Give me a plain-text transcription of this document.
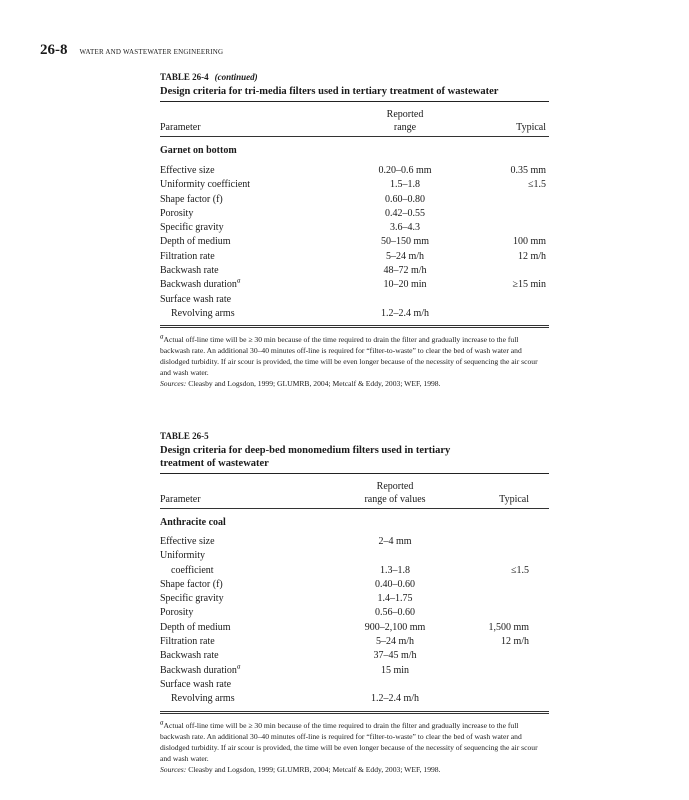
26-8 WATER AND WASTEWATER ENGINEERING
TABLE 26-4 (continued)
Design criteria for tri-media filters used in tertiary treatment of wastewater
Parameter
Reported
range	Typical
Garnet on bottom
Effective size	0.20–0.6 mm	0.35 mm
Uniformity coefficient	1.5–1.8	≤1.5
Shape factor (f)	0.60–0.80
Porosity	0.42–0.55
Specific gravity	3.6–4.3
Depth of medium	50–150 mm	100 mm
Filtration rate	5–24 m/h	12 m/h
Backwash rate	48–72 m/h
Backwash duration$^a$	10–20 min	≥15 min
Surface wash rate
Revolving arms	1.2–2.4 m/h
$^a$Actual off-line time will be ≥ 30 min because of the time required to drain the filter and gradually increase to the full backwash rate. An additional 30–40 minutes off-line is required for “filter-to-waste” to clear the bed of wash water and dislodged turbidity. If air scour is provided, the time will be even longer because of the necessity of sequencing the air scour and wash water.
Sources: Cleasby and Logsdon, 1999; GLUMRB, 2004; Metcalf & Eddy, 2003; WEF, 1998.
TABLE 26-5
Design criteria for deep-bed monomedium filters used in tertiary
treatment of wastewater
Parameter
Reported
range of values	Typical
Anthracite coal
Effective size	2–4 mm
Uniformity
coefficient	1.3–1.8	≤1.5
Shape factor (f)	0.40–0.60
Specific gravity	1.4–1.75
Porosity	0.56–0.60
Depth of medium	900–2,100 mm	1,500 mm
Filtration rate	5–24 m/h	12 m/h
Backwash rate	37–45 m/h
Backwash duration$^a$	15 min
Surface wash rate
Revolving arms	1.2–2.4 m/h
$^a$Actual off-line time will be ≥ 30 min because of the time required to drain the filter and gradually increase to the full backwash rate. An additional 30–40 minutes off-line is required for “filter-to-waste” to clear the bed of wash water and dislodged turbidity. If air scour is provided, the time will be even longer because of the necessity of sequencing the air scour and wash water.
Sources: Cleasby and Logsdon, 1999; GLUMRB, 2004; Metcalf & Eddy, 2003; WEF, 1998.
